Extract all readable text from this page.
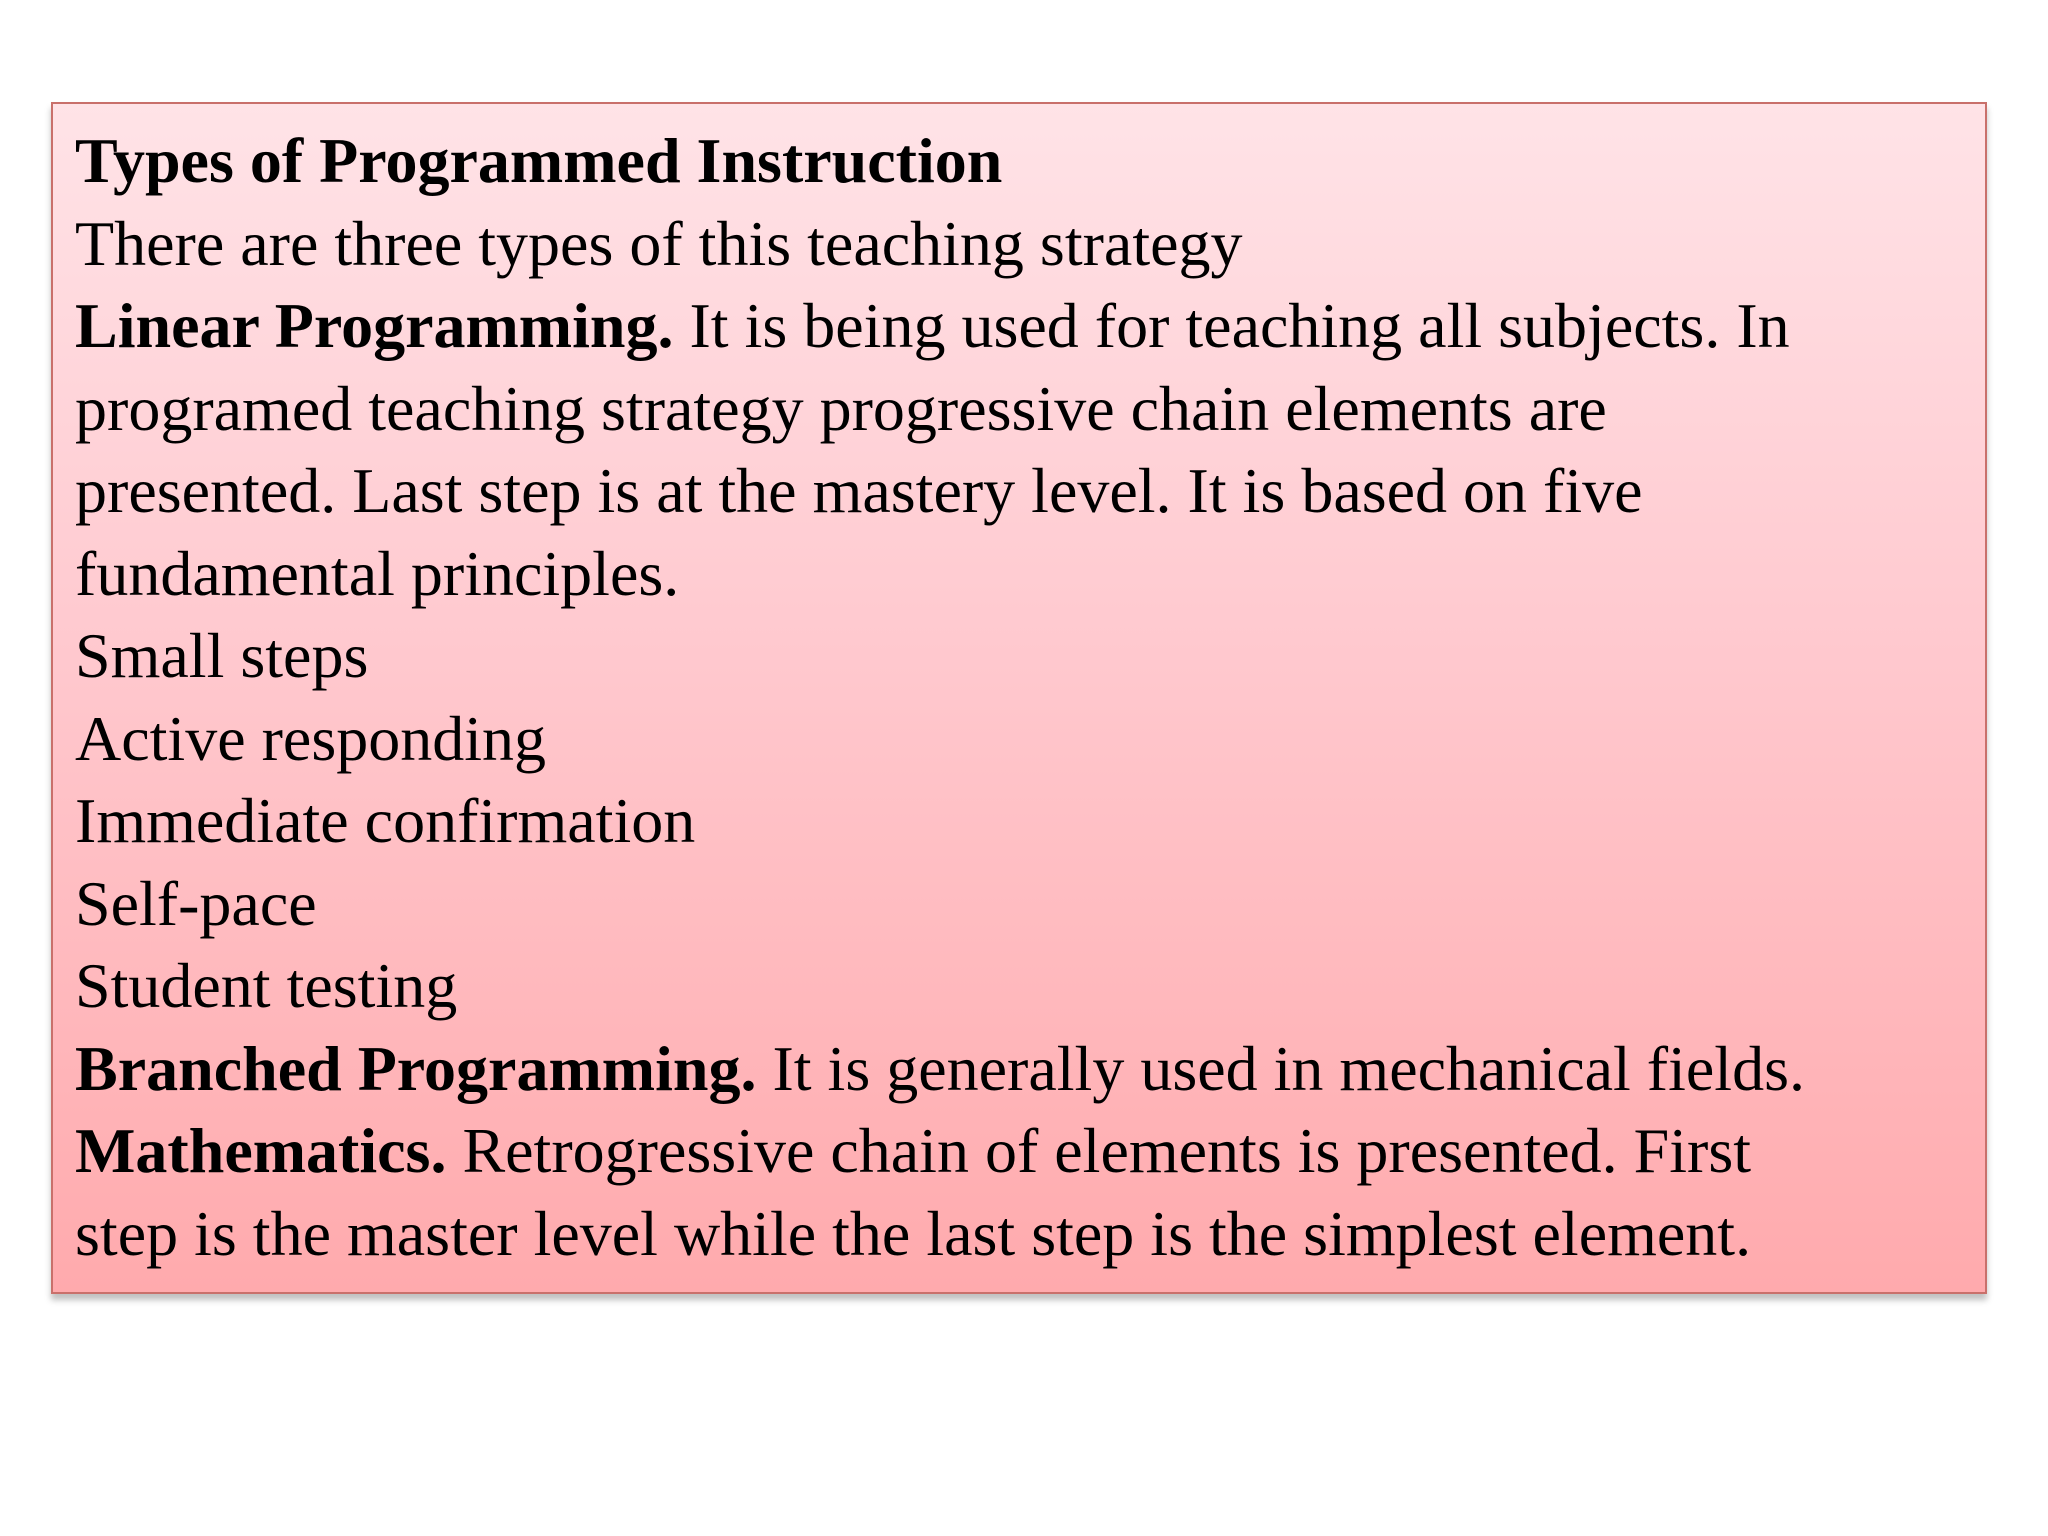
Types of Programmed Instruction

There are three types of this teaching strategy

Linear Programming. It is being used for teaching all subjects. In

programed teaching strategy progressive chain elements are

presented. Last step is at the mastery level. It is based on five

fundamental principles.

Small steps

Active responding

Immediate confirmation

Self-pace

Student testing

Branched Programming. It is generally used in mechanical fields.

Mathematics. Retrogressive chain of elements is presented. First

step is the master level while the last step is the simplest element.
